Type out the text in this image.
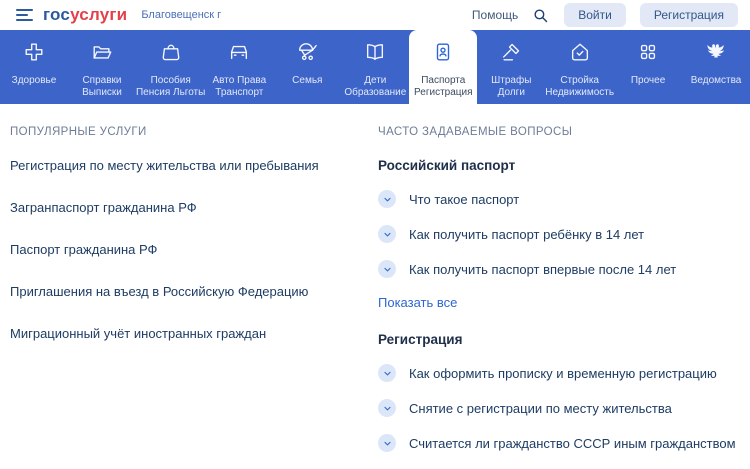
госуслуги Благовещенск г	Помощь	Войти	Регистрация
Здоровье	Справки
Выписки
Пособия
Пенсия Льготы
Авто Права
Транспорт
Семья	Дети
Образование
Паспорта
Регистрация
Штрафы
Долги
Стройка
Недвижимость
Прочее	Ведомства
ПОПУЛЯРНЫЕ УСЛУГИ
Регистрация по месту жительства или пребывания
Загранпаспорт гражданина РФ
Паспорт гражданина РФ
Приглашения на въезд в Российскую Федерацию
Миграционный учёт иностранных граждан
ЧАСТО ЗАДАВАЕМЫЕ ВОПРОСЫ
Российский паспорт
Что такое паспорт
Как получить паспорт ребёнку в 14 лет
Как получить паспорт впервые после 14 лет
Показать все
Регистрация
Как оформить прописку и временную регистрацию
Снятие с регистрации по месту жительства
Считается ли гражданство СССР иным гражданством
